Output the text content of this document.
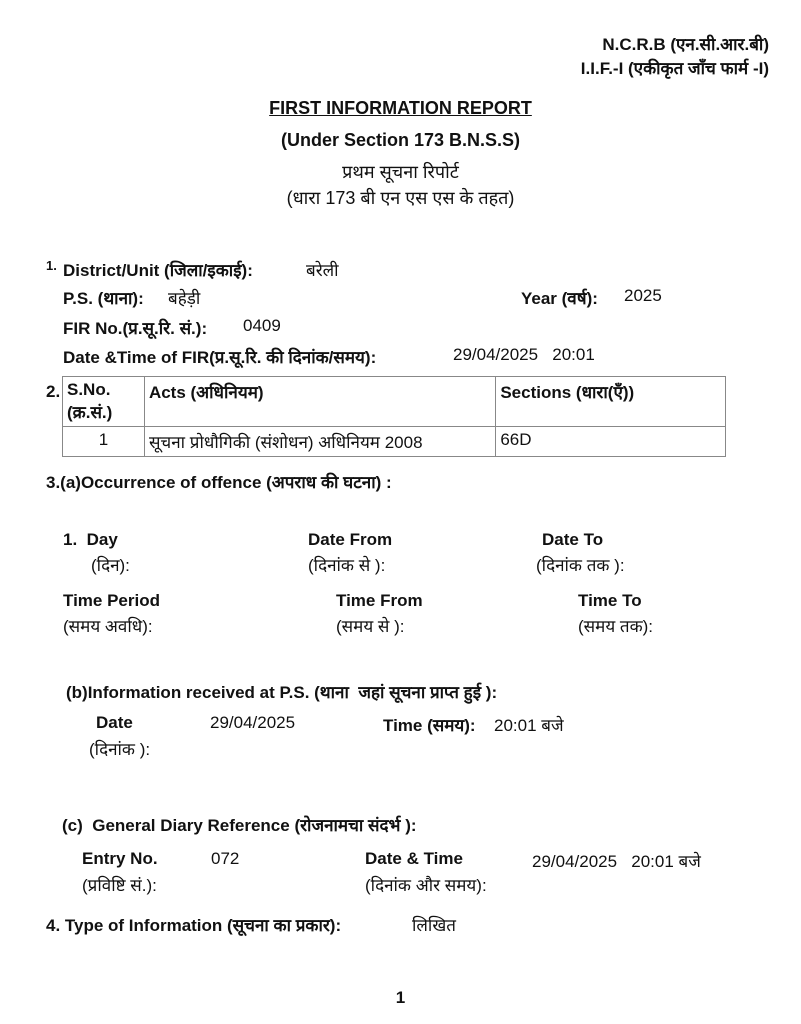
N.C.R.B (एन.सी.आर.बी)
I.I.F.-I (एकीकृत जाँच फार्म -I)
FIRST INFORMATION REPORT
(Under Section 173 B.N.S.S)
प्रथम सूचना रिपोर्ट
(धारा 173 बी एन एस एस के तहत)
1. District/Unit (जिला/इकाई):	बरेली
P.S. (थाना): बहेड़ी	Year (वर्ष): 2025
FIR No.(प्र.सू.रि. सं.): 0409
Date &Time of FIR(प्र.सू.रि. की दिनांक/समय):	29/04/2025   20:01
2. S.No.
(क्र.सं.)	Acts (अधिनियम)	Sections (धारा(एँ))
1	सूचना प्रोधौगिकी (संशोधन) अधिनियम 2008	66D
3.(a)Occurrence of offence (अपराध की घटना) :
1.  Day
(दिन):
Date From
(दिनांक से ):
Date To
(दिनांक तक ):
Time Period
(समय अवधि):
Time From
(समय से ):
Time To
(समय तक):
(b)Information received at P.S. (थाना  जहां सूचना प्राप्त हुई ):
Date
(दिनांक ):
29/04/2025	Time (समय): 20:01 बजे
(c)  General Diary Reference (रोजनामचा संदर्भ ):
Entry No.
(प्रविष्टि सं.):
072	Date & Time
(दिनांक और समय):
29/04/2025   20:01 बजे
4. Type of Information (सूचना का प्रकार):	लिखित
1
